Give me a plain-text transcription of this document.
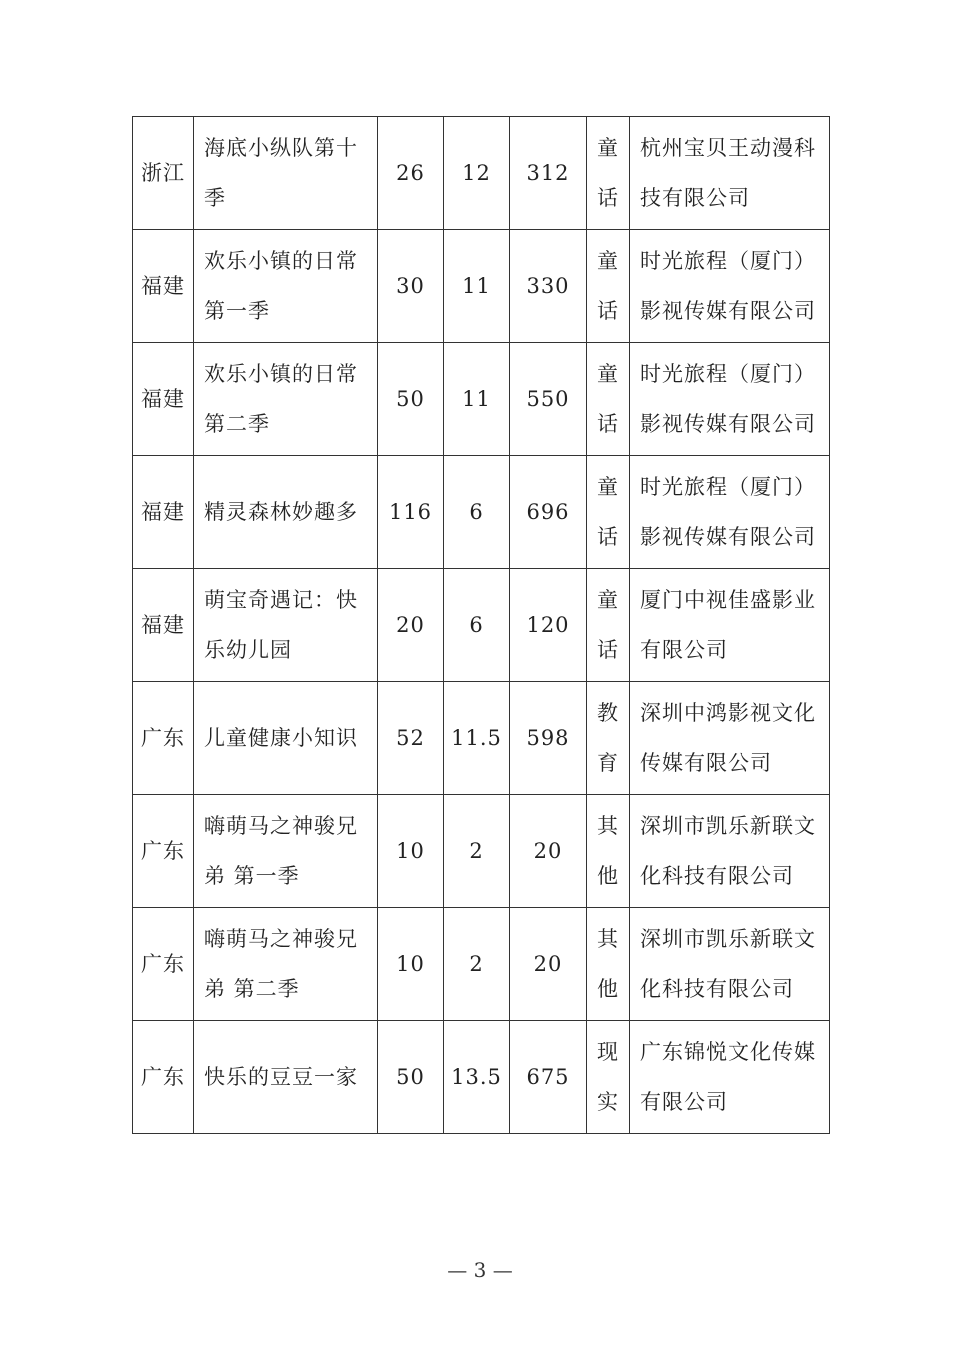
浙江	海底小纵队第十季	26	12	312	童话	杭州宝贝王动漫科技有限公司

福建	欢乐小镇的日常第一季	30	11	330	童话	时光旅程（厦门）影视传媒有限公司

福建	欢乐小镇的日常第二季	50	11	550	童话	时光旅程（厦门）影视传媒有限公司

福建	精灵森林妙趣多	116	6	696	童话	时光旅程（厦门）影视传媒有限公司

福建	萌宝奇遇记：快乐幼儿园	20	6	120	童话	厦门中视佳盛影业有限公司

广东	儿童健康小知识	52	11.5	598	教育	深圳中鸿影视文化传媒有限公司

广东	嗨萌马之神骏兄弟 第一季	10	2	20	其他	深圳市凯乐新联文化科技有限公司

广东	嗨萌马之神骏兄弟 第二季	10	2	20	其他	深圳市凯乐新联文化科技有限公司

广东	快乐的豆豆一家	50	13.5	675	现实	广东锦悦文化传媒有限公司
— 3 —
